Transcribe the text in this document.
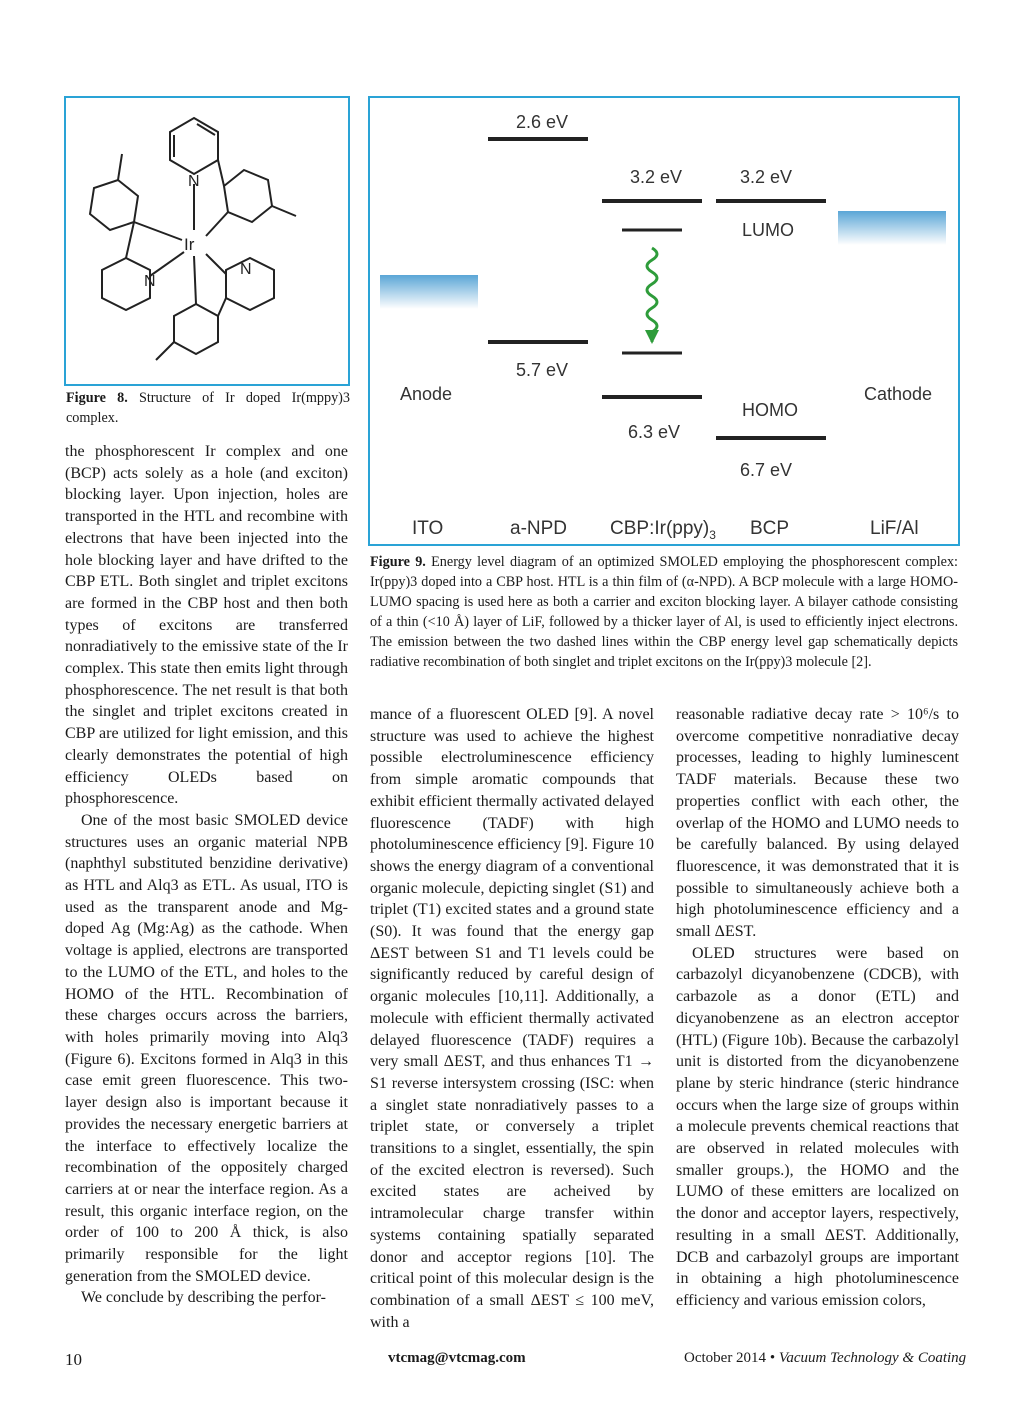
Ir
N
N
N
Figure 8. Structure of Ir doped Ir(mppy)3 complex.
2.6 eV
3.2 eV	3.2 eV
5.7 eV
6.3 eV
6.7 eV
LUMO
HOMO
Anode	Cathode
ITO	a-NPD $CBP:Ir(ppy)_3$ BCP	LiF/Al
Figure 9. Energy level diagram of an optimized SMOLED employing the phosphorescent complex: Ir(ppy)3 doped into a CBP host. HTL is a thin film of (α-NPD). A BCP molecule with a large HOMO-LUMO spacing is used here as both a carrier and exciton blocking layer. A bilayer cathode consisting of a thin (<10 Å) layer of LiF, followed by a thicker layer of Al, is used to efficiently inject electrons. The emission between the two dashed lines within the CBP energy level gap schematically depicts radiative recombination of both singlet and triplet excitons on the Ir(ppy)3 molecule [2].

the phosphorescent Ir complex and one (BCP) acts solely as a hole (and exciton) blocking layer. Upon injection, holes are transported in the HTL and recombine with electrons that have been injected into the hole blocking layer and have drifted to the CBP ETL. Both singlet and triplet excitons are formed in the CBP host and then both types of excitons are transferred nonradiatively to the emissive state of the Ir complex. This state then emits light through phosphorescence. The net result is that both the singlet and triplet excitons created in CBP are utilized for light emission, and this clearly demonstrates the potential of high efficiency OLEDs based on phosphorescence.

One of the most basic SMOLED device structures uses an organic material NPB (naphthyl substituted benzidine derivative) as HTL and Alq3 as ETL. As usual, ITO is used as the transparent anode and Mg-doped Ag (Mg:Ag) as the cathode. When voltage is applied, electrons are transported to the LUMO of the ETL, and holes to the HOMO of the HTL. Recombination of these charges occurs across the barriers, with holes primarily moving into Alq3 (Figure 6). Excitons formed in Alq3 in this case emit green fluorescence. This two-layer design also is important because it provides the necessary energetic barriers at the interface to effectively localize the recombination of the oppositely charged carriers at or near the interface region. As a result, this organic interface region, on the order of 100 to 200 Å thick, is also primarily responsible for the light generation from the SMOLED device.

We conclude by describing the perfor-

mance of a fluorescent OLED [9]. A novel structure was used to achieve the highest possible electroluminescence efficiency from simple aromatic compounds that exhibit efficient thermally activated delayed fluorescence (TADF) with high photoluminescence efficiency [9]. Figure 10 shows the energy diagram of a conventional organic molecule, depicting singlet (S1) and triplet (T1) excited states and a ground state (S0). It was found that the energy gap ΔEST between S1 and T1 levels could be significantly reduced by careful design of organic molecules [10,11]. Additionally, a molecule with efficient thermally activated delayed fluorescence (TADF) requires a very small ΔEST, and thus enhances T1 → S1 reverse intersystem crossing (ISC: when a singlet state nonradiatively passes to a triplet state, or conversely a triplet transitions to a singlet, essentially, the spin of the excited electron is reversed). Such excited states are acheived by intramolecular charge transfer within systems containing spatially separated donor and acceptor regions [10]. The critical point of this molecular design is the combination of a small ΔEST ≤ 100 meV, with a

reasonable radiative decay rate > 10⁶/s to overcome competitive nonradiative decay processes, leading to highly luminescent TADF materials. Because these two properties conflict with each other, the overlap of the HOMO and LUMO needs to be carefully balanced. By using delayed fluorescence, it was demonstrated that it is possible to simultaneously achieve both a high photoluminescence efficiency and a small ΔEST.

OLED structures were based on carbazolyl dicyanobenzene (CDCB), with carbazole as a donor (ETL) and dicyanobenzene as an electron acceptor (HTL) (Figure 10b). Because the carbazolyl unit is distorted from the dicyanobenzene plane by steric hindrance (steric hindrance occurs when the large size of groups within a molecule prevents chemical reactions that are observed in related molecules with smaller groups.), the HOMO and the LUMO of these emitters are localized on the donor and acceptor layers, respectively, resulting in a small ΔEST. Additionally, DCB and carbazolyl groups are important in obtaining a high photoluminescence efficiency and various emission colors,

10	vtcmag@vtcmag.com	October 2014 • Vacuum Technology & Coating
